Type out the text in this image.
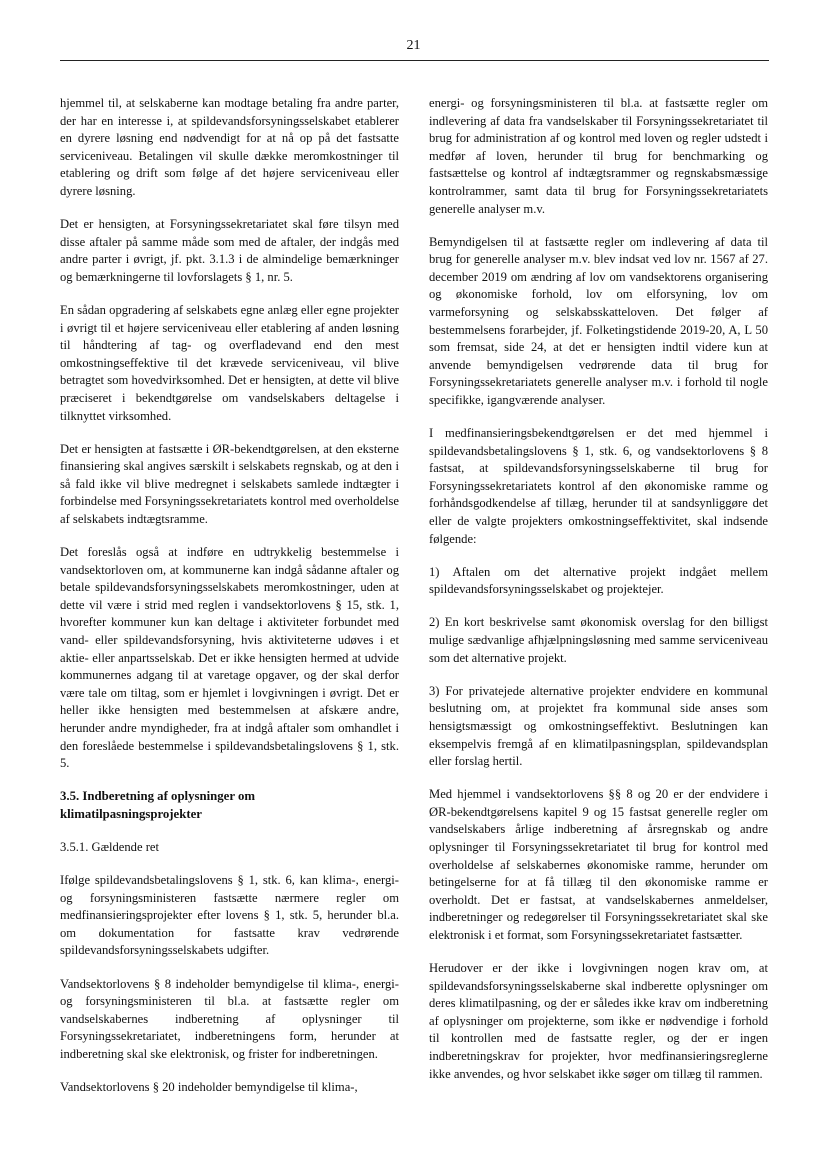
21

hjemmel til, at selskaberne kan modtage betaling fra andre parter, der har en interesse i, at spildevandsforsyningsselskabet etablerer en dyrere løsning end nødvendigt for at nå op på det fastsatte serviceniveau. Betalingen vil skulle dække meromkostninger til etablering og drift som følge af det højere serviceniveau eller dyrere løsning.

Det er hensigten, at Forsyningssekretariatet skal føre tilsyn med disse aftaler på samme måde som med de aftaler, der indgås med andre parter i øvrigt, jf. pkt. 3.1.3 i de almindelige bemærkninger og bemærkningerne til lovforslagets § 1, nr. 5.

En sådan opgradering af selskabets egne anlæg eller egne projekter i øvrigt til et højere serviceniveau eller etablering af anden løsning til håndtering af tag- og overfladevand end den mest omkostningseffektive til det krævede serviceniveau, vil blive betragtet som hovedvirksomhed. Det er hensigten, at dette vil blive præciseret i bekendtgørelse om vandselskabers deltagelse i tilknyttet virksomhed.

Det er hensigten at fastsætte i ØR-bekendtgørelsen, at den eksterne finansiering skal angives særskilt i selskabets regnskab, og at den i så fald ikke vil blive medregnet i selskabets samlede indtægter i forbindelse med Forsyningssekretariatets kontrol med overholdelse af selskabets indtægtsramme.

Det foreslås også at indføre en udtrykkelig bestemmelse i vandsektorloven om, at kommunerne kan indgå sådanne aftaler og betale spildevandsforsyningsselskabets meromkostninger, uden at dette vil være i strid med reglen i vandsektorlovens § 15, stk. 1, hvorefter kommuner kun kan deltage i aktiviteter forbundet med vand- eller spildevandsforsyning, hvis aktiviteterne udøves i et aktie- eller anpartsselskab. Det er ikke hensigten hermed at udvide kommunernes adgang til at varetage opgaver, og der skal derfor være tale om tiltag, som er hjemlet i lovgivningen i øvrigt. Det er heller ikke hensigten med bestemmelsen at afskære andre, herunder andre myndigheder, fra at indgå aftaler som omhandlet i den foreslåede bestemmelse i spildevandsbetalingslovens § 1, stk. 5.

3.5. Indberetning af oplysninger om klimatilpasningsprojekter

3.5.1. Gældende ret

Ifølge spildevandsbetalingslovens § 1, stk. 6, kan klima-, energi- og forsyningsministeren fastsætte nærmere regler om medfinansieringsprojekter efter lovens § 1, stk. 5, herunder bl.a. om dokumentation for fastsatte krav vedrørende spildevandsforsyningsselskabets udgifter.

Vandsektorlovens § 8 indeholder bemyndigelse til klima-, energi- og forsyningsministeren til bl.a. at fastsætte regler om vandselskabernes indberetning af oplysninger til Forsyningssekretariatet, indberetningens form, herunder at indberetning skal ske elektronisk, og frister for indberetningen.

Vandsektorlovens § 20 indeholder bemyndigelse til klima-,

energi- og forsyningsministeren til bl.a. at fastsætte regler om indlevering af data fra vandselskaber til Forsyningssekretariatet til brug for administration af og kontrol med loven og regler udstedt i medfør af loven, herunder til brug for benchmarking og fastsættelse og kontrol af indtægtsrammer og regnskabsmæssige kontrolrammer, samt data til brug for Forsyningssekretariatets generelle analyser m.v.

Bemyndigelsen til at fastsætte regler om indlevering af data til brug for generelle analyser m.v. blev indsat ved lov nr. 1567 af 27. december 2019 om ændring af lov om vandsektorens organisering og økonomiske forhold, lov om elforsyning, lov om varmeforsyning og selskabsskatteloven. Det følger af bestemmelsens forarbejder, jf. Folketingstidende 2019-20, A, L 50 som fremsat, side 24, at det er hensigten indtil videre kun at anvende bemyndigelsen vedrørende data til brug for Forsyningssekretariatets generelle analyser m.v. i forhold til nogle specifikke, igangværende analyser.

I medfinansieringsbekendtgørelsen er det med hjemmel i spildevandsbetalingslovens § 1, stk. 6, og vandsektorlovens § 8 fastsat, at spildevandsforsyningsselskaberne til brug for Forsyningssekretariatets kontrol af den økonomiske ramme og forhåndsgodkendelse af tillæg, herunder til at sandsynliggøre det eller de valgte projekters omkostningseffektivitet, skal indsende følgende:

1) Aftalen om det alternative projekt indgået mellem spildevandsforsyningsselskabet og projektejer.

2) En kort beskrivelse samt økonomisk overslag for den billigst mulige sædvanlige afhjælpningsløsning med samme serviceniveau som det alternative projekt.

3) For privatejede alternative projekter endvidere en kommunal beslutning om, at projektet fra kommunal side anses som hensigtsmæssigt og omkostningseffektivt. Beslutningen kan eksempelvis fremgå af en klimatilpasningsplan, spildevandsplan eller forslag hertil.

Med hjemmel i vandsektorlovens §§ 8 og 20 er der endvidere i ØR-bekendtgørelsens kapitel 9 og 15 fastsat generelle regler om vandselskabers årlige indberetning af årsregnskab og andre oplysninger til Forsyningssekretariatet til brug for kontrol med overholdelse af selskabernes økonomiske ramme, herunder om betingelserne for at få tillæg til den økonomiske ramme er overholdt. Det er fastsat, at vandselskabernes anmeldelser, indberetninger og redegørelser til Forsyningssekretariatet skal ske elektronisk i et format, som Forsyningssekretariatet fastsætter.

Herudover er der ikke i lovgivningen nogen krav om, at spildevandsforsyningsselskaberne skal indberette oplysninger om deres klimatilpasning, og der er således ikke krav om indberetning af oplysninger om projekterne, som ikke er nødvendige i forhold til kontrollen med de fastsatte regler, og der er ingen indberetningskrav for projekter, hvor medfinansieringsreglerne ikke anvendes, og hvor selskabet ikke søger om tillæg til rammen.
